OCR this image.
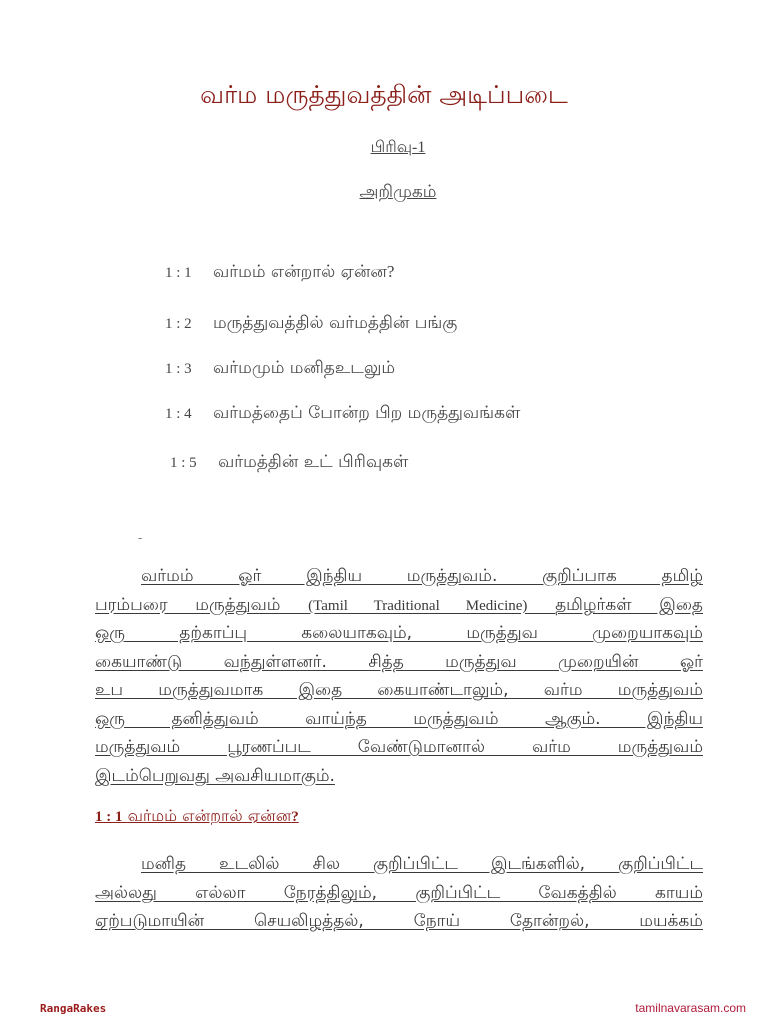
வர்ம மருத்துவத்தின் அடிப்படை
பிரிவு-1
அறிமுகம்
1 : 1 வர்மம் என்றால் ஏன்ன?
1 : 2 மருத்துவத்தில் வர்மத்தின் பங்கு
1 : 3 வர்மமும் மனிதஉடலும்
1 : 4 வர்மத்தைப் போன்ற பிற மருத்துவங்கள்
1 : 5 வர்மத்தின் உட் பிரிவுகள்
-
வர்மம் ஓர் இந்திய மருத்துவம். குறிப்பாக தமிழ்
பரம்பரை மருத்துவம் (Tamil Traditional Medicine) தமிழர்கள் இதை
ஒரு தற்காப்பு கலையாகவும், மருத்துவ முறையாகவும்
கையாண்டு வந்துள்ளனர். சித்த மருத்துவ முறையின் ஓர்
உப மருத்துவமாக இதை கையாண்டாலும், வர்ம மருத்துவம்
ஒரு தனித்துவம் வாய்ந்த மருத்துவம் ஆகும். இந்திய
மருத்துவம் பூரணப்பட வேண்டுமானால் வர்ம மருத்துவம்
இடம்பெறுவது அவசியமாகும்.
1 : 1 வர்மம் என்றால் ஏன்ன?
மனித உடலில் சில குறிப்பிட்ட இடங்களில், குறிப்பிட்ட
அல்லது எல்லா நேரத்திலும், குறிப்பிட்ட வேகத்தில் காயம்
ஏற்படுமாயின் செயலிழத்தல், நோய் தோன்றல், மயக்கம்
RangaRakes	tamilnavarasam.com
